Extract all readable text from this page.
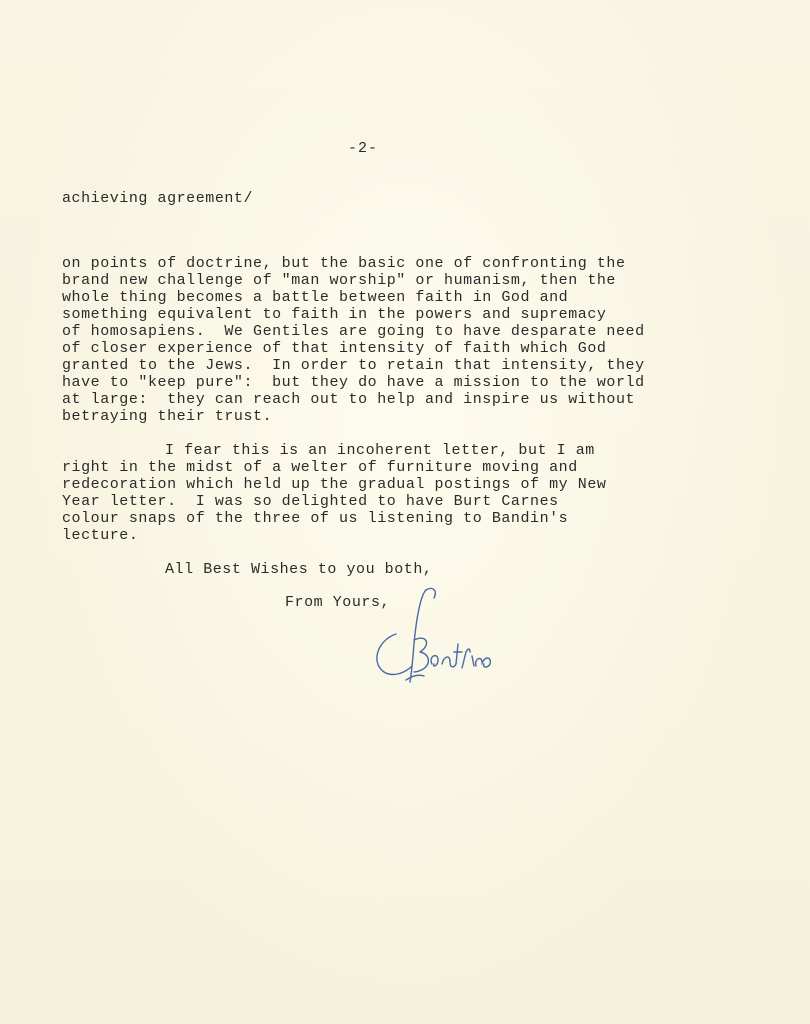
-2-
achieving agreement/
on points of doctrine, but the basic one of confronting the
brand new challenge of "man worship" or humanism, then the
whole thing becomes a battle between faith in God and
something equivalent to faith in the powers and supremacy
of homosapiens.  We Gentiles are going to have desparate need
of closer experience of that intensity of faith which God
granted to the Jews.  In order to retain that intensity, they
have to "keep pure":  but they do have a mission to the world
at large:  they can reach out to help and inspire us without
betraying their trust.
I fear this is an incoherent letter, but I am
right in the midst of a welter of furniture moving and
redecoration which held up the gradual postings of my New
Year letter.  I was so delighted to have Burt Carnes
colour snaps of the three of us listening to Bandin's
lecture.
All Best Wishes to you both,
From Yours,
